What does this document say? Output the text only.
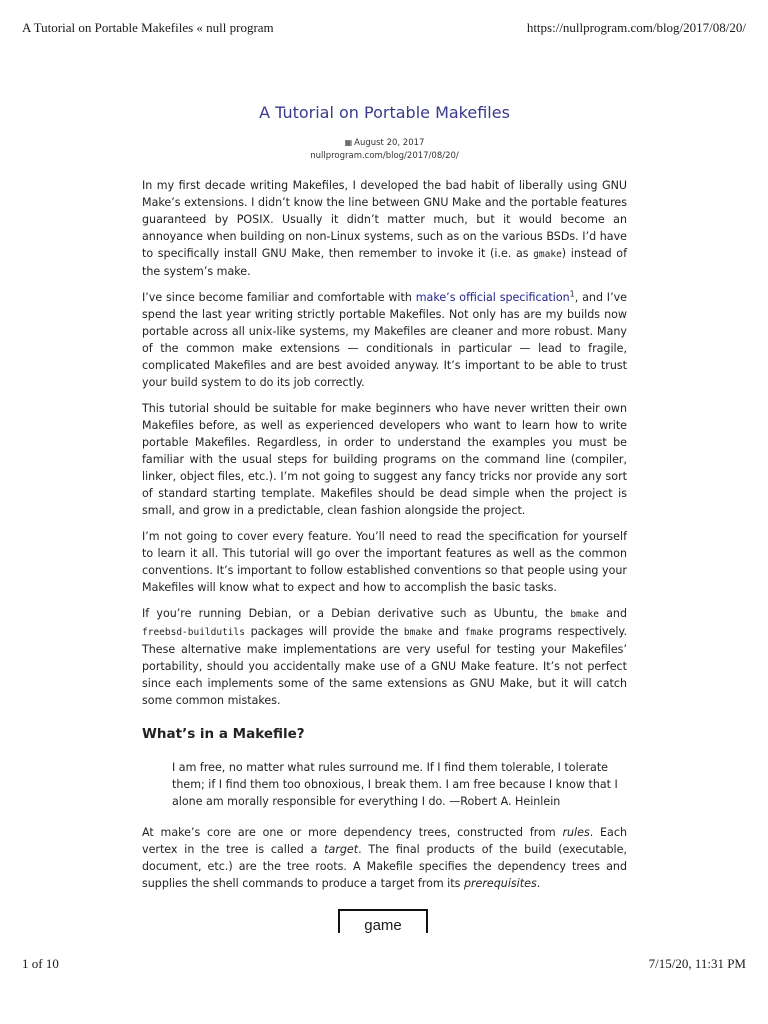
A Tutorial on Portable Makefiles « null program	https://nullprogram.com/blog/2017/08/20/
A Tutorial on Portable Makefiles
▦ August 20, 2017
nullprogram.com/blog/2017/08/20/

In my first decade writing Makefiles, I developed the bad habit of liberally using GNU Make’s extensions. I didn’t know the line between GNU Make and the portable features guaranteed by POSIX. Usually it didn’t matter much, but it would become an annoyance when building on non-Linux systems, such as on the various BSDs. I’d have to specifically install GNU Make, then remember to invoke it (i.e. as gmake) instead of the system’s make.

I’ve since become familiar and comfortable with make’s official specification$^1$, and I’ve spend the last year writing strictly portable Makefiles. Not only has are my builds now portable across all unix-like systems, my Makefiles are cleaner and more robust. Many of the common make extensions — conditionals in particular — lead to fragile, complicated Makefiles and are best avoided anyway. It’s important to be able to trust your build system to do its job correctly.

This tutorial should be suitable for make beginners who have never written their own Makefiles before, as well as experienced developers who want to learn how to write portable Makefiles. Regardless, in order to understand the examples you must be familiar with the usual steps for building programs on the command line (compiler, linker, object files, etc.). I’m not going to suggest any fancy tricks nor provide any sort of standard starting template. Makefiles should be dead simple when the project is small, and grow in a predictable, clean fashion alongside the project.

I’m not going to cover every feature. You’ll need to read the specification for yourself to learn it all. This tutorial will go over the important features as well as the common conventions. It’s important to follow established conventions so that people using your Makefiles will know what to expect and how to accomplish the basic tasks.

If you’re running Debian, or a Debian derivative such as Ubuntu, the bmake and freebsd-buildutils packages will provide the bmake and fmake programs respectively. These alternative make implementations are very useful for testing your Makefiles’ portability, should you accidentally make use of a GNU Make feature. It’s not perfect since each implements some of the same extensions as GNU Make, but it will catch some common mistakes.

What’s in a Makefile?
I am free, no matter what rules surround me. If I find them tolerable, I tolerate them; if I find them too obnoxious, I break them. I am free because I know that I alone am morally responsible for everything I do. —Robert A. Heinlein

At make’s core are one or more dependency trees, constructed from rules. Each vertex in the tree is called a target. The final products of the build (executable, document, etc.) are the tree roots. A Makefile specifies the dependency trees and supplies the shell commands to produce a target from its prerequisites.

game
1 of 10	7/15/20, 11:31 PM
